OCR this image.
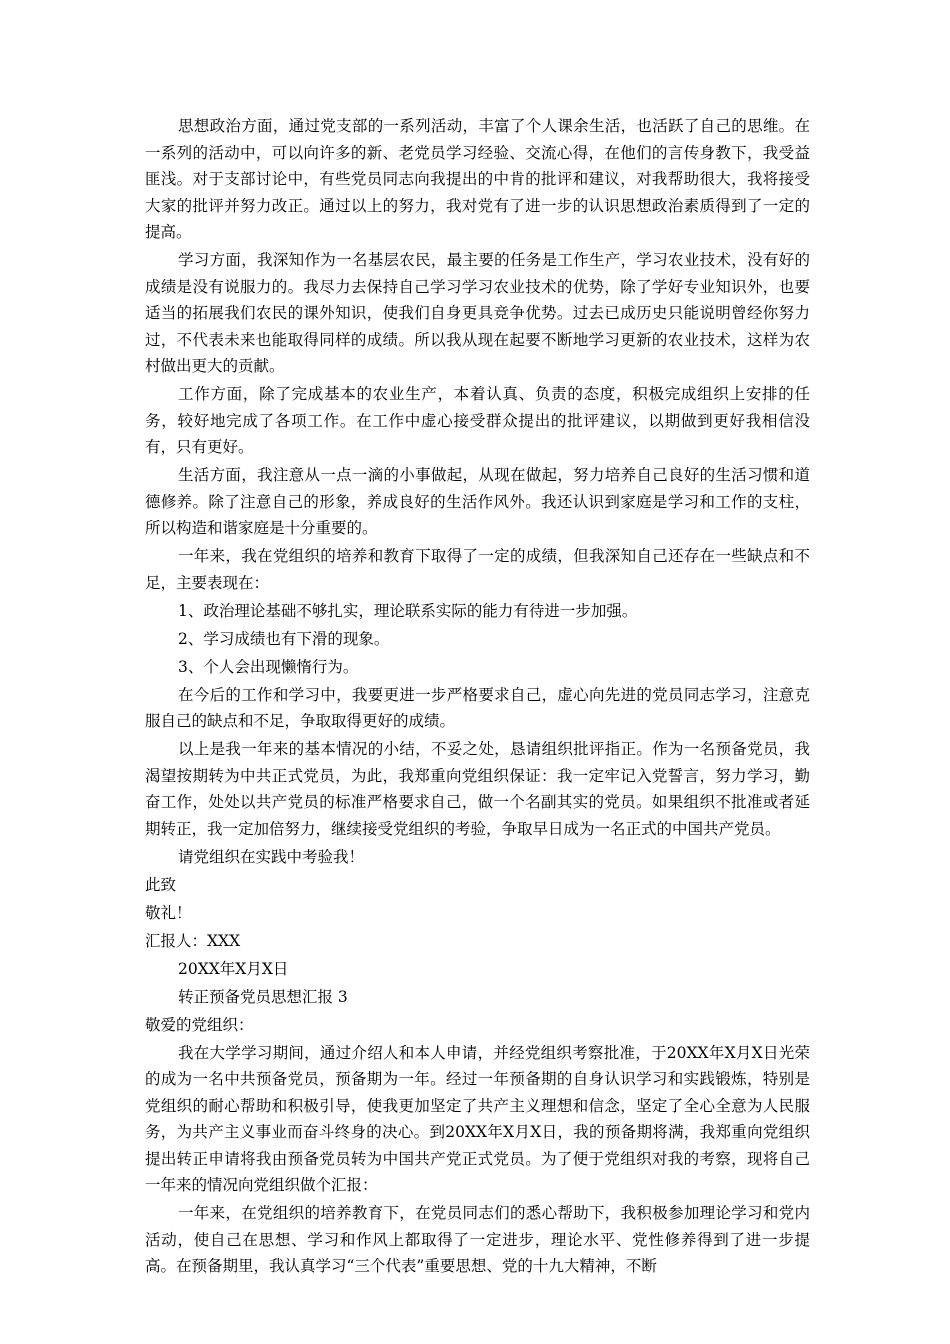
思想政治方面，通过党支部的一系列活动，丰富了个人课余生活，也活跃了自己的思维。在一系列的活动中，可以向许多的新、老党员学习经验、交流心得，在他们的言传身教下，我受益匪浅。对于支部讨论中，有些党员同志向我提出的中肯的批评和建议，对我帮助很大，我将接受大家的批评并努力改正。通过以上的努力，我对党有了进一步的认识思想政治素质得到了一定的提高。

学习方面，我深知作为一名基层农民，最主要的任务是工作生产，学习农业技术，没有好的成绩是没有说服力的。我尽力去保持自己学习学习农业技术的优势，除了学好专业知识外，也要适当的拓展我们农民的课外知识，使我们自身更具竞争优势。过去已成历史只能说明曾经你努力过，不代表未来也能取得同样的成绩。所以我从现在起要不断地学习更新的农业技术，这样为农村做出更大的贡献。

工作方面，除了完成基本的农业生产，本着认真、负责的态度，积极完成组织上安排的任务，较好地完成了各项工作。在工作中虚心接受群众提出的批评建议，以期做到更好我相信没有，只有更好。

生活方面，我注意从一点一滴的小事做起，从现在做起，努力培养自己良好的生活习惯和道德修养。除了注意自己的形象，养成良好的生活作风外。我还认识到家庭是学习和工作的支柱，所以构造和谐家庭是十分重要的。

一年来，我在党组织的培养和教育下取得了一定的成绩，但我深知自己还存在一些缺点和不足，主要表现在：

1、政治理论基础不够扎实，理论联系实际的能力有待进一步加强。

2、学习成绩也有下滑的现象。

3、个人会出现懒惰行为。

在今后的工作和学习中，我要更进一步严格要求自己，虚心向先进的党员同志学习，注意克服自己的缺点和不足，争取取得更好的成绩。

以上是我一年来的基本情况的小结，不妥之处，恳请组织批评指正。作为一名预备党员，我渴望按期转为中共正式党员，为此，我郑重向党组织保证：我一定牢记入党誓言，努力学习，勤奋工作，处处以共产党员的标准严格要求自己，做一个名副其实的党员。如果组织不批准或者延期转正，我一定加倍努力，继续接受党组织的考验，争取早日成为一名正式的中国共产党员。

请党组织在实践中考验我！

此致

敬礼！

汇报人：XXX

20XX年X月X日

转正预备党员思想汇报 3

敬爱的党组织：

我在大学学习期间，通过介绍人和本人申请，并经党组织考察批准，于20XX年X月X日光荣的成为一名中共预备党员，预备期为一年。经过一年预备期的自身认识学习和实践锻炼，特别是党组织的耐心帮助和积极引导，使我更加坚定了共产主义理想和信念，坚定了全心全意为人民服务，为共产主义事业而奋斗终身的决心。到20XX年X月X日，我的预备期将满，我郑重向党组织提出转正申请将我由预备党员转为中国共产党正式党员。为了便于党组织对我的考察，现将自己一年来的情况向党组织做个汇报：

一年来，在党组织的培养教育下，在党员同志们的悉心帮助下，我积极参加理论学习和党内活动，使自己在思想、学习和作风上都取得了一定进步，理论水平、党性修养得到了进一步提高。在预备期里，我认真学习“三个代表”重要思想、党的十九大精神，不断
